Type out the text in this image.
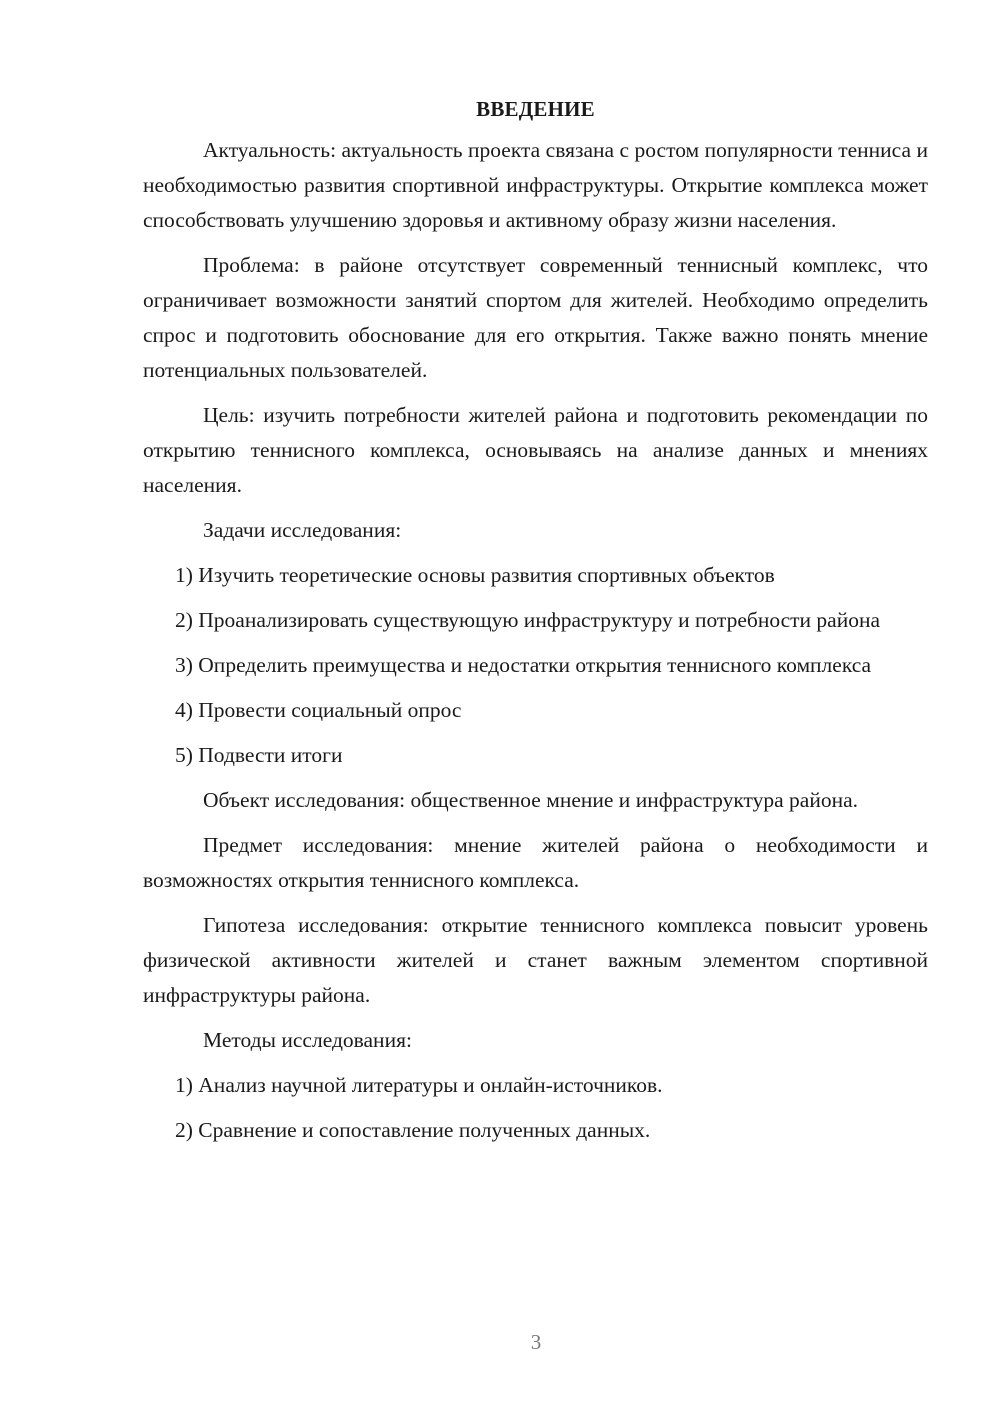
ВВЕДЕНИЕ

Актуальность: актуальность проекта связана с ростом популярности тенниса и необходимостью развития спортивной инфраструктуры. Открытие комплекса может способствовать улучшению здоровья и активному образу жизни населения.

Проблема: в районе отсутствует современный теннисный комплекс, что ограничивает возможности занятий спортом для жителей. Необходимо определить спрос и подготовить обоснование для его открытия. Также важно понять мнение потенциальных пользователей.

Цель: изучить потребности жителей района и подготовить рекомендации по открытию теннисного комплекса, основываясь на анализе данных и мнениях населения.

Задачи исследования:

1) Изучить теоретические основы развития спортивных объектов

2) Проанализировать существующую инфраструктуру и потребности района

3) Определить преимущества и недостатки открытия теннисного комплекса

4) Провести социальный опрос

5) Подвести итоги

Объект исследования: общественное мнение и инфраструктура района.

Предмет исследования: мнение жителей района о необходимости и возможностях открытия теннисного комплекса.

Гипотеза исследования: открытие теннисного комплекса повысит уровень физической активности жителей и станет важным элементом спортивной инфраструктуры района.

Методы исследования:

1) Анализ научной литературы и онлайн-источников.

2) Сравнение и сопоставление полученных данных.

3
